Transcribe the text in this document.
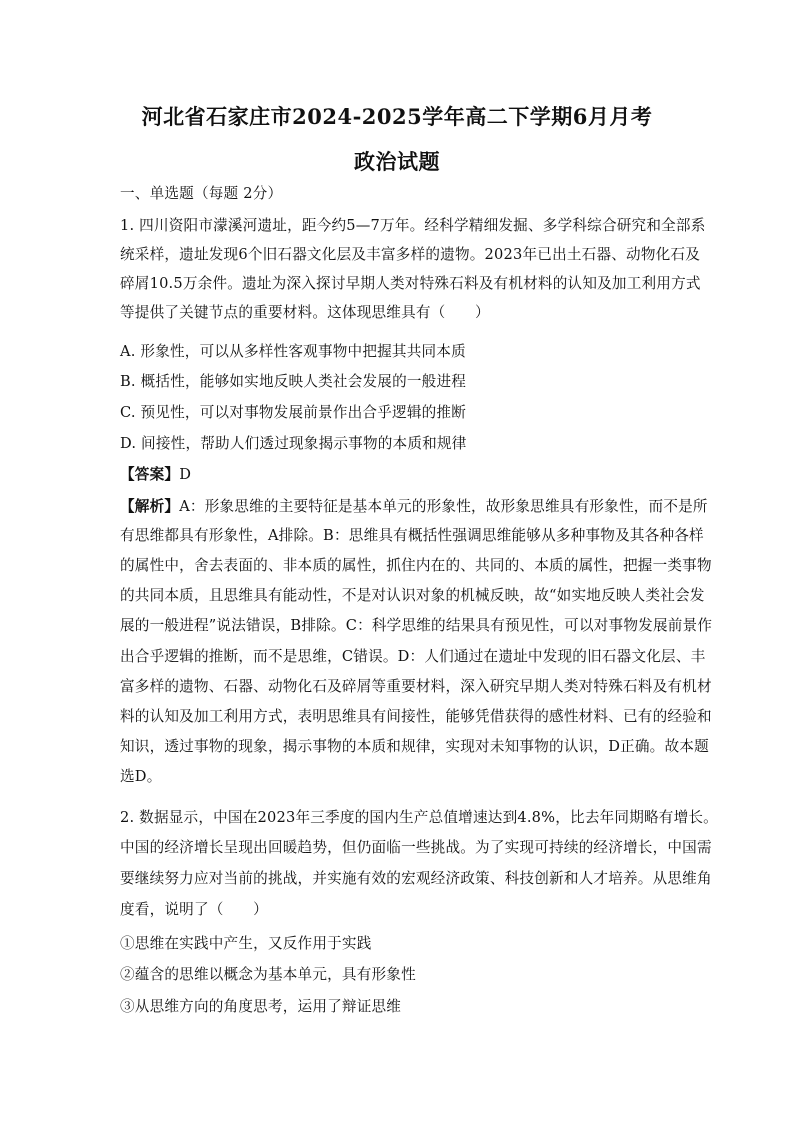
河北省石家庄市2024-2025学年高二下学期6月月考
政治试题
一、单选题（每题 2分）
1. 四川资阳市濛溪河遗址，距今约5—7万年。经科学精细发掘、多学科综合研究和全部系
统采样，遗址发现6个旧石器文化层及丰富多样的遗物。2023年已出土石器、动物化石及
碎屑10.5万余件。遗址为深入探讨早期人类对特殊石料及有机材料的认知及加工利用方式
等提供了关键节点的重要材料。这体现思维具有（　　）
A. 形象性，可以从多样性客观事物中把握其共同本质
B. 概括性，能够如实地反映人类社会发展的一般进程
C. 预见性，可以对事物发展前景作出合乎逻辑的推断
D. 间接性，帮助人们透过现象揭示事物的本质和规律
【答案】D
【解析】A：形象思维的主要特征是基本单元的形象性，故形象思维具有形象性，而不是所
有思维都具有形象性，A排除。B：思维具有概括性强调思维能够从多种事物及其各种各样
的属性中，舍去表面的、非本质的属性，抓住内在的、共同的、本质的属性，把握一类事物
的共同本质，且思维具有能动性，不是对认识对象的机械反映，故“如实地反映人类社会发
展的一般进程”说法错误，B排除。C：科学思维的结果具有预见性，可以对事物发展前景作
出合乎逻辑的推断，而不是思维，C错误。D：人们通过在遗址中发现的旧石器文化层、丰
富多样的遗物、石器、动物化石及碎屑等重要材料，深入研究早期人类对特殊石料及有机材
料的认知及加工利用方式，表明思维具有间接性，能够凭借获得的感性材料、已有的经验和
知识，透过事物的现象，揭示事物的本质和规律，实现对未知事物的认识，D正确。故本题
选D。
2. 数据显示，中国在2023年三季度的国内生产总值增速达到4.8%，比去年同期略有增长。
中国的经济增长呈现出回暖趋势，但仍面临一些挑战。为了实现可持续的经济增长，中国需
要继续努力应对当前的挑战，并实施有效的宏观经济政策、科技创新和人才培养。从思维角
度看，说明了（　　）
①思维在实践中产生，又反作用于实践
②蕴含的思维以概念为基本单元，具有形象性
③从思维方向的角度思考，运用了辩证思维
